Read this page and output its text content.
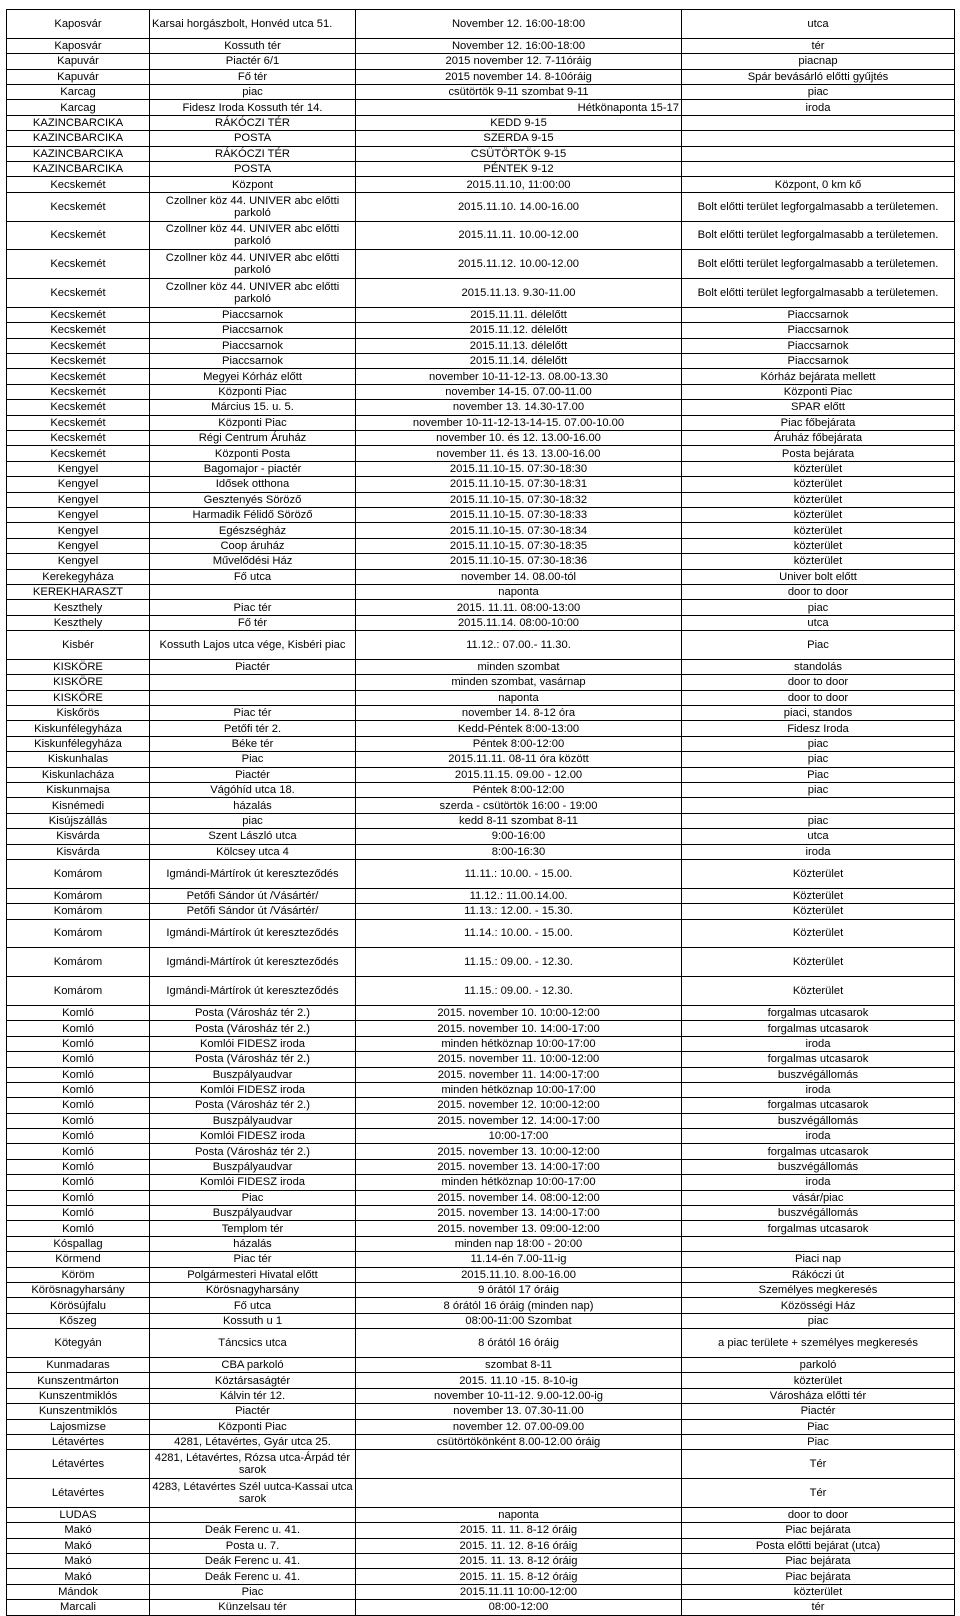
Kaposvár	Karsai horgászbolt, Honvéd utca 51.	November 12. 16:00-18:00	utca
Kaposvár	Kossuth tér	November 12. 16:00-18:00	tér
Kapuvár	Piactér 6/1	2015 november 12. 7-11óráig	piacnap
Kapuvár	Fő tér	2015 november 14. 8-10óráig	Spár bevásárló előtti gyűjtés
Karcag	piac	csütörtök 9-11 szombat 9-11	piac
Karcag	Fidesz Iroda Kossuth tér 14.	Hétkönaponta 15-17	iroda
KAZINCBARCIKA	RÁKÓCZI TÉR	KEDD 9-15	
KAZINCBARCIKA	POSTA	SZERDA 9-15	
KAZINCBARCIKA	RÁKÓCZI TÉR	CSÜTÖRTÖK 9-15	
KAZINCBARCIKA	POSTA	PÉNTEK 9-12	
Kecskemét	Központ	2015.11.10, 11:00:00	Központ, 0 km kő
Kecskemét	Czollner köz 44. UNIVER abc előtti parkoló	2015.11.10. 14.00-16.00	Bolt előtti terület legforgalmasabb a területemen.
Kecskemét	Czollner köz 44. UNIVER abc előtti parkoló	2015.11.11. 10.00-12.00	Bolt előtti terület legforgalmasabb a területemen.
Kecskemét	Czollner köz 44. UNIVER abc előtti parkoló	2015.11.12. 10.00-12.00	Bolt előtti terület legforgalmasabb a területemen.
Kecskemét	Czollner köz 44. UNIVER abc előtti parkoló	2015.11.13. 9.30-11.00	Bolt előtti terület legforgalmasabb a területemen.
Kecskemét	Piaccsarnok	2015.11.11. délelőtt	Piaccsarnok
Kecskemét	Piaccsarnok	2015.11.12. délelőtt	Piaccsarnok
Kecskemét	Piaccsarnok	2015.11.13. délelőtt	Piaccsarnok
Kecskemét	Piaccsarnok	2015.11.14. délelőtt	Piaccsarnok
Kecskemét	Megyei Kórház előtt	november 10-11-12-13. 08.00-13.30	Kórház bejárata mellett
Kecskemét	Központi Piac	november 14-15. 07.00-11.00	Központi Piac
Kecskemét	Március 15. u. 5.	november 13. 14.30-17.00	SPAR előtt
Kecskemét	Központi Piac	november 10-11-12-13-14-15. 07.00-10.00	Piac főbejárata
Kecskemét	Régi Centrum Áruház	november 10. és 12. 13.00-16.00	Áruház főbejárata
Kecskemét	Központi Posta	november 11. és 13. 13.00-16.00	Posta bejárata
Kengyel	Bagomajor - piactér	2015.11.10-15. 07:30-18:30	közterület
Kengyel	Idősek otthona	2015.11.10-15. 07:30-18:31	közterület
Kengyel	Gesztenyés Söröző	2015.11.10-15. 07:30-18:32	közterület
Kengyel	Harmadik Félidő Söröző	2015.11.10-15. 07:30-18:33	közterület
Kengyel	Egészségház	2015.11.10-15. 07:30-18:34	közterület
Kengyel	Coop áruház	2015.11.10-15. 07:30-18:35	közterület
Kengyel	Művelődési Ház	2015.11.10-15. 07:30-18:36	közterület
Kerekegyháza	Fő utca	november 14. 08.00-tól	Univer bolt előtt
KEREKHARASZT		naponta	door to door
Keszthely	Piac tér	2015. 11.11. 08:00-13:00	piac
Keszthely	Fő tér	2015.11.14. 08:00-10:00	utca
Kisbér	Kossuth Lajos utca vége, Kisbéri piac	11.12.: 07.00.- 11.30.	Piac
KISKÖRE	Piactér	minden szombat	standolás
KISKÖRE		minden szombat, vasárnap	door to door
KISKÖRE		naponta	door to door
Kiskőrös	Piac tér	november 14. 8-12 óra	piaci, standos
Kiskunfélegyháza	Petőfi tér 2.	Kedd-Péntek 8:00-13:00	Fidesz Iroda
Kiskunfélegyháza	Béke tér	Péntek 8:00-12:00	piac
Kiskunhalas	Piac	2015.11.11. 08-11 óra között	piac
Kiskunlacháza	Piactér	2015.11.15. 09.00 - 12.00	Piac
Kiskunmajsa	Vágóhíd utca 18.	Péntek 8:00-12:00	piac
Kisnémedi	házalás	szerda - csütörtök 16:00 - 19:00	
Kisújszállás	piac	kedd 8-11 szombat 8-11	piac
Kisvárda	Szent László utca	9:00-16:00	utca
Kisvárda	Kölcsey utca 4	8:00-16:30	iroda
Komárom	Igmándi-Mártírok út kereszteződés	11.11.: 10.00. - 15.00.	Közterület
Komárom	Petőfi Sándor út /Vásártér/	11.12.: 11.00.14.00.	Közterület
Komárom	Petőfi Sándor út /Vásártér/	11.13.: 12.00. - 15.30.	Közterület
Komárom	Igmándi-Mártírok út kereszteződés	11.14.: 10.00. - 15.00.	Közterület
Komárom	Igmándi-Mártírok út kereszteződés	11.15.: 09.00. - 12.30.	Közterület
Komárom	Igmándi-Mártírok út kereszteződés	11.15.: 09.00. - 12.30.	Közterület
Komló	Posta (Városház tér 2.)	2015. november 10. 10:00-12:00	forgalmas utcasarok
Komló	Posta (Városház tér 2.)	2015. november 10. 14:00-17:00	forgalmas utcasarok
Komló	Komlói FIDESZ iroda	minden hétköznap 10:00-17:00	iroda
Komló	Posta (Városház tér 2.)	2015. november 11. 10:00-12:00	forgalmas utcasarok
Komló	Buszpályaudvar	2015. november 11. 14:00-17:00	buszvégállomás
Komló	Komlói FIDESZ iroda	minden hétköznap 10:00-17:00	iroda
Komló	Posta (Városház tér 2.)	2015. november 12. 10:00-12:00	forgalmas utcasarok
Komló	Buszpályaudvar	2015. november 12. 14:00-17:00	buszvégállomás
Komló	Komlói FIDESZ iroda	10:00-17:00	iroda
Komló	Posta (Városház tér 2.)	2015. november 13. 10:00-12:00	forgalmas utcasarok
Komló	Buszpályaudvar	2015. november 13. 14:00-17:00	buszvégállomás
Komló	Komlói FIDESZ iroda	minden hétköznap 10:00-17:00	iroda
Komló	Piac	2015. november 14. 08:00-12:00	vásár/piac
Komló	Buszpályaudvar	2015. november 13. 14:00-17:00	buszvégállomás
Komló	Templom tér	2015. november 13. 09:00-12:00	forgalmas utcasarok
Kóspallag	házalás	minden nap 18:00 - 20:00	
Körmend	Piac tér	11.14-én 7.00-11-ig	Piaci nap
Köröm	Polgármesteri Hivatal előtt	2015.11.10. 8.00-16.00	Rákóczi út
Körösnagyharsány	Körösnagyharsány	9 órától 17 óráig	Személyes megkeresés
Körösújfalu	Fő utca	8 órától 16 óráig (minden nap)	Közösségi Ház
Kőszeg	Kossuth u 1	08:00-11:00 Szombat	piac
Kötegyán	Táncsics utca	8 órától 16 óráig	a piac területe + személyes megkeresés
Kunmadaras	CBA parkoló	szombat 8-11	parkoló
Kunszentmárton	Köztársaságtér	2015. 11.10 -15. 8-10-ig	közterület
Kunszentmiklós	Kálvin tér 12.	november 10-11-12. 9.00-12.00-ig	Városháza előtti tér
Kunszentmiklós	Piactér	november 13. 07.30-11.00	Piactér
Lajosmizse	Központi Piac	november 12. 07.00-09.00	Piac
Létavértes	4281, Létavértes, Gyár utca 25.	csütörtökönként 8.00-12.00 óráig	Piac
Létavértes	4281, Létavértes, Rózsa utca-Árpád tér sarok		Tér
Létavértes	4283, Létavértes Szél uutca-Kassai utca sarok		Tér
LUDAS		naponta	door to door
Makó	Deák Ferenc u. 41.	2015. 11. 11. 8-12 óráig	Piac bejárata
Makó	Posta u. 7.	2015. 11. 12. 8-16 óráig	Posta előtti bejárat (utca)
Makó	Deák Ferenc u. 41.	2015. 11. 13. 8-12 óráig	Piac bejárata
Makó	Deák Ferenc u. 41.	2015. 11. 15. 8-12 óráig	Piac bejárata
Mándok	Piac	2015.11.11 10:00-12:00	közterület
Marcali	Künzelsau tér	08:00-12:00	tér
